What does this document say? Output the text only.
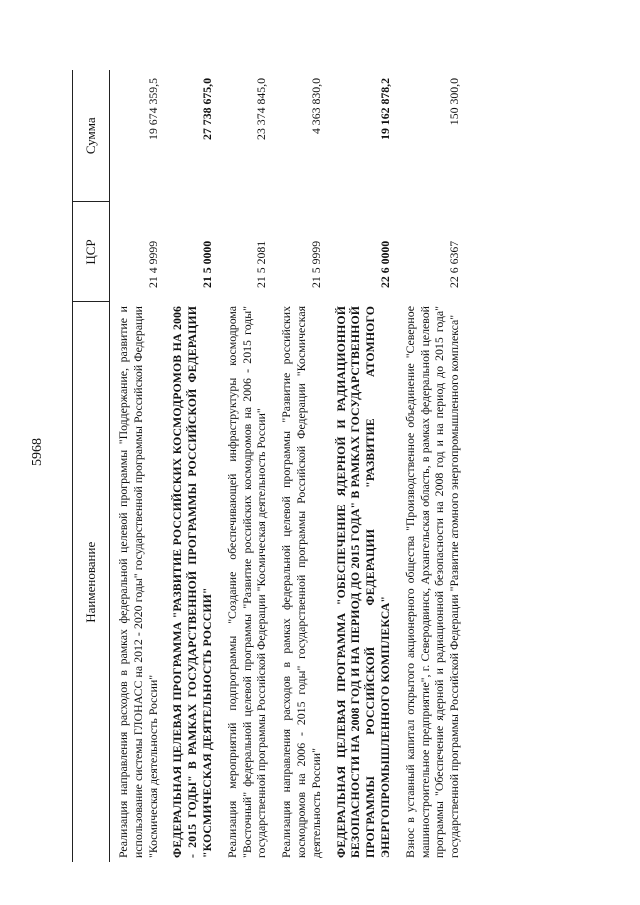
5968
Наименование	ЦСР	Сумма
Реализация направления расходов в рамках федеральной целевой программы "Поддержание, развитие и использование системы ГЛОНАСС на 2012 - 2020 годы" государственной программы Российской Федерации "Космическая деятельность России"	21 4 9999	19 674 359,5
ФЕДЕРАЛЬНАЯ ЦЕЛЕВАЯ ПРОГРАММА "РАЗВИТИЕ РОССИЙСКИХ КОСМОДРОМОВ НА 2006 - 2015 ГОДЫ" В РАМКАХ ГОСУДАРСТВЕННОЙ ПРОГРАММЫ РОССИЙСКОЙ ФЕДЕРАЦИИ "КОСМИЧЕСКАЯ ДЕЯТЕЛЬНОСТЬ РОССИИ"	21 5 0000	27 738 675,0
Реализация мероприятий подпрограммы "Создание обеспечивающей инфраструктуры космодрома "Восточный" федеральной целевой программы "Развитие российских космодромов на 2006 - 2015 годы" государственной программы Российской Федерации "Космическая деятельность России"	21 5 2081	23 374 845,0
Реализация направления расходов в рамках федеральной целевой программы "Развитие российских космодромов на 2006 - 2015 годы" государственной программы Российской Федерации "Космическая деятельность России"	21 5 9999	4 363 830,0
ФЕДЕРАЛЬНАЯ ЦЕЛЕВАЯ ПРОГРАММА "ОБЕСПЕЧЕНИЕ ЯДЕРНОЙ И РАДИАЦИОННОЙ БЕЗОПАСНОСТИ НА 2008 ГОД И НА ПЕРИОД ДО 2015 ГОДА" В РАМКАХ ГОСУДАРСТВЕННОЙ ПРОГРАММЫ РОССИЙСКОЙ ФЕДЕРАЦИИ "РАЗВИТИЕ АТОМНОГО ЭНЕРГОПРОМЫШЛЕННОГО КОМПЛЕКСА"	22 6 0000	19 162 878,2
Взнос в уставный капитал открытого акционерного общества "Производственное объединение "Северное машиностроительное предприятие", г. Северодвинск, Архангельская область, в рамках федеральной целевой программы "Обеспечение ядерной и радиационной безопасности на 2008 год и на период до 2015 года" государственной программы Российской Федерации "Развитие атомного энергопромышленного комплекса"	22 6 6367	150 300,0
